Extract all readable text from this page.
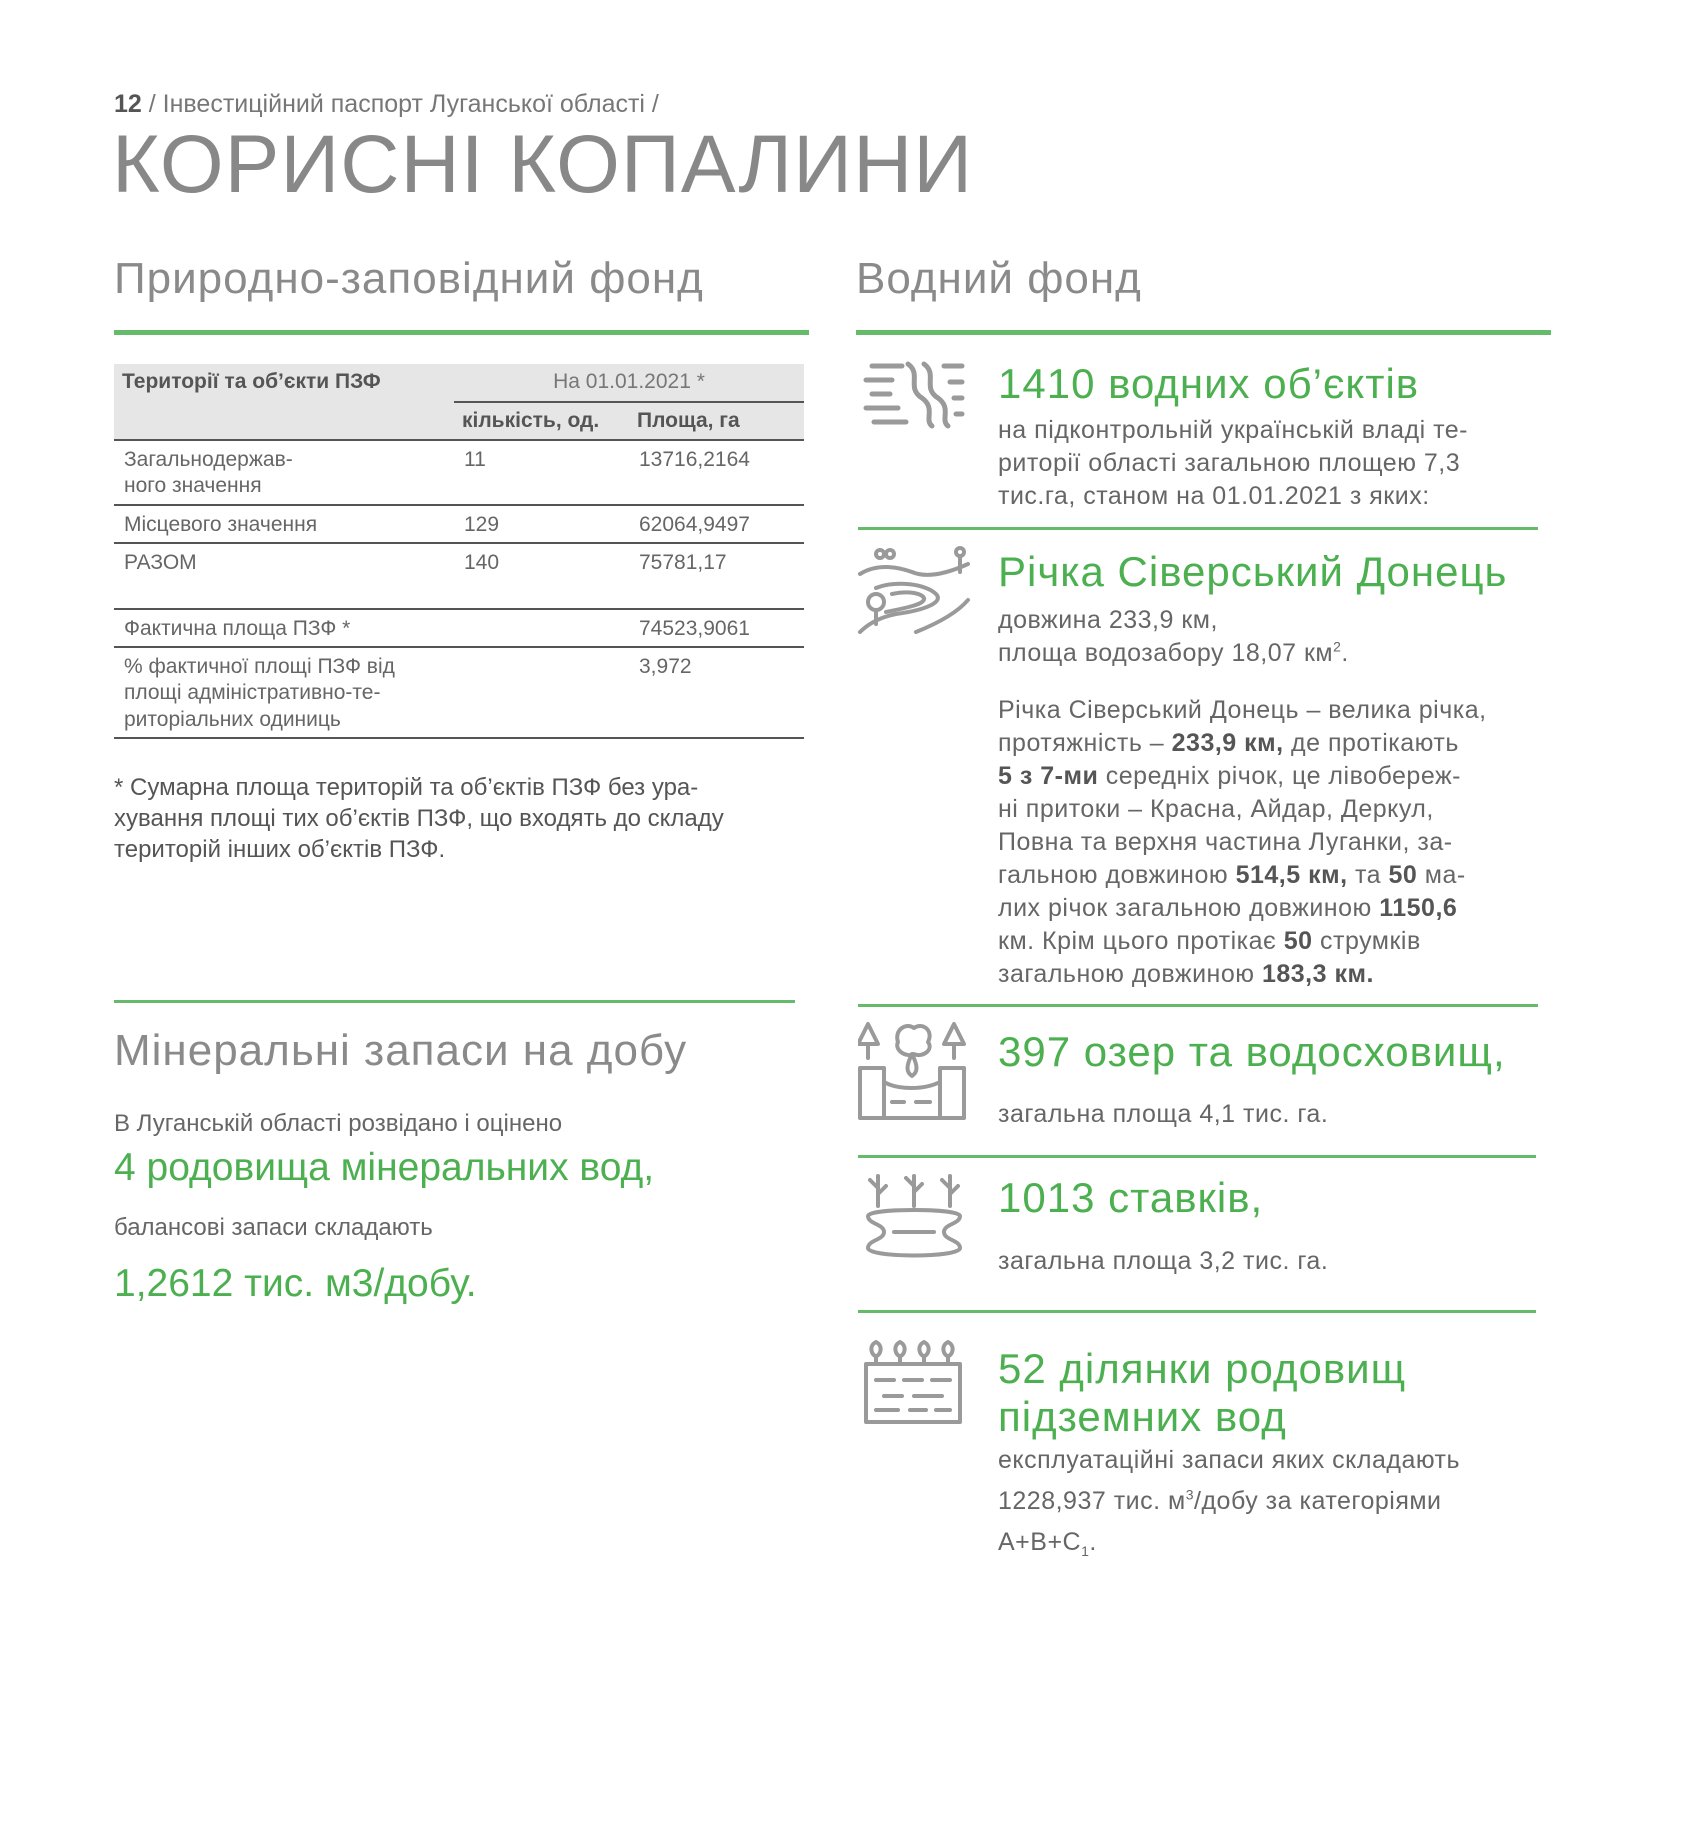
12 / Інвестиційний паспорт Луганської області /
КОРИСНІ КОПАЛИНИ
Природно-заповідний фонд
Території та об’єкти ПЗФ	На 01.01.2021 *	
	кількість, од.	Площа, га
Загальнодержав-
ного значення	11	13716,2164
Місцевого значення	129	62064,9497
РАЗОМ	140	75781,17
Фактична площа ПЗФ *		74523,9061
% фактичної площі ПЗФ від
площі адміністративно-те-
риторіальних одиниць		3,972
* Сумарна площа територій та об’єктів ПЗФ без ура-
хування площі тих об’єктів ПЗФ, що входять до складу
територій інших об’єктів ПЗФ.
Мінеральні запаси на добу
В Луганській області розвідано і оцінено
4 родовища мінеральних вод,
балансові запаси складають
1,2612 тис. м3/добу.
Водний фонд
1410 водних об’єктів
на підконтрольній українській владі те-
риторії області загальною площею 7,3
тис.га, станом на 01.01.2021 з яких:
Річка Сіверський Донець
довжина 233,9 км,
площа водозабору 18,07 $км^2$.
Річка Сіверський Донець – велика річка,
протяжність – 233,9 км, де протікають
5 з 7-ми середніх річок, це лівобереж-
ні притоки – Красна, Айдар, Деркул,
Повна та верхня частина Луганки, за-
гальною довжиною 514,5 км, та 50 ма-
лих річок загальною довжиною 1150,6
км. Крім цього протікає 50 струмків
загальною довжиною 183,3 км.
397 озер та водосховищ,
загальна площа 4,1 тис. га.
1013 ставків,
загальна площа 3,2 тис. га.
52 ділянки родовищ
підземних вод
експлуатаційні запаси яких складають
1228,937 тис. $м^3$/добу за категоріями
$A+B+C_1$.
